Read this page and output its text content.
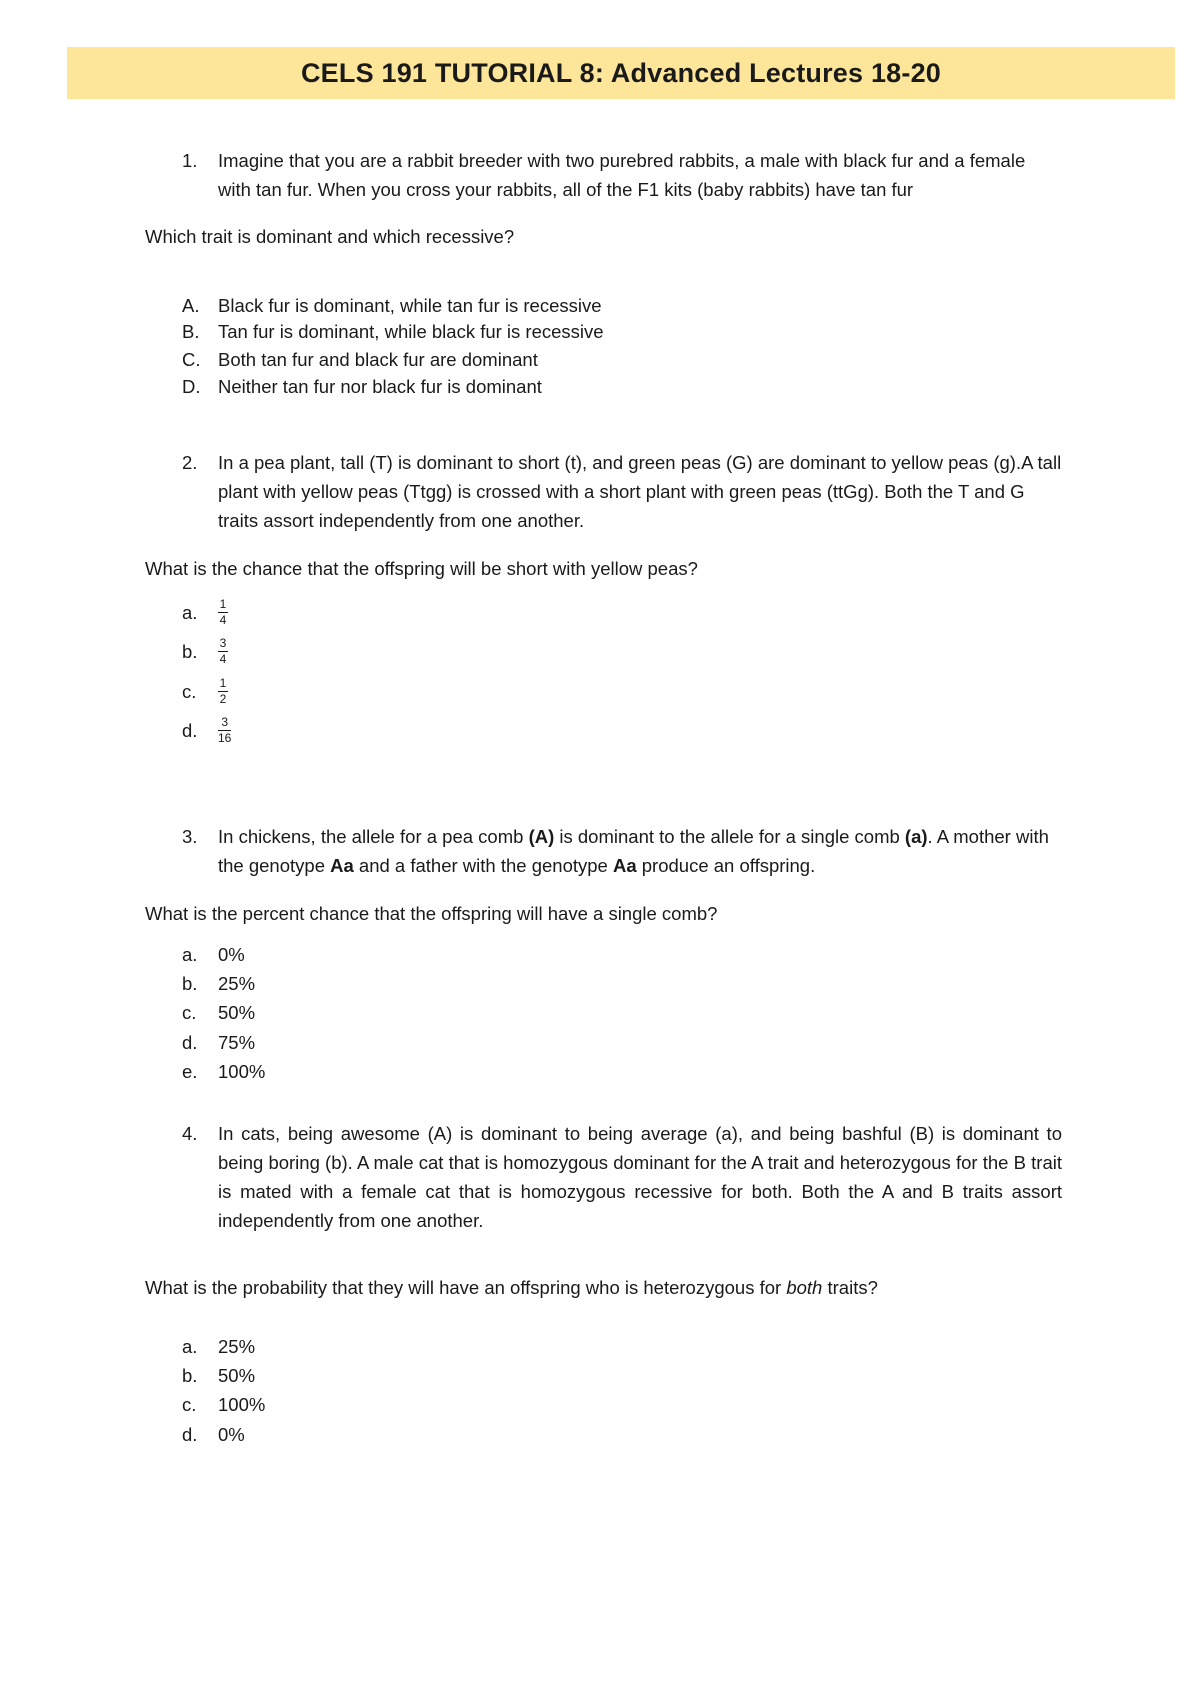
CELS 191 TUTORIAL 8: Advanced Lectures 18-20
1. Imagine that you are a rabbit breeder with two purebred rabbits, a male with black fur and a female with tan fur. When you cross your rabbits, all of the F1 kits (baby rabbits) have tan fur
Which trait is dominant and which recessive?
A. Black fur is dominant, while tan fur is recessive
B. Tan fur is dominant, while black fur is recessive
C. Both tan fur and black fur are dominant
D. Neither tan fur nor black fur is dominant
2. In a pea plant, tall (T) is dominant to short (t), and green peas (G) are dominant to yellow peas (g).A tall plant with yellow peas (Ttgg) is crossed with a short plant with green peas (ttGg). Both the T and G traits assort independently from one another.
What is the chance that the offspring will be short with yellow peas?
a. $\frac{1}{4}$
b. $\frac{3}{4}$
c. $\frac{1}{2}$
d. $\frac{3}{16}$
3. In chickens, the allele for a pea comb (A) is dominant to the allele for a single comb (a). A mother with the genotype Aa and a father with the genotype Aa produce an offspring.
What is the percent chance that the offspring will have a single comb?
a. 0%
b. 25%
c. 50%
d. 75%
e. 100%
4. In cats, being awesome (A) is dominant to being average (a), and being bashful (B) is dominant to being boring (b). A male cat that is homozygous dominant for the A trait and heterozygous for the B trait is mated with a female cat that is homozygous recessive for both. Both the A and B traits assort independently from one another.
What is the probability that they will have an offspring who is heterozygous for both traits?
a. 25%
b. 50%
c. 100%
d. 0%
